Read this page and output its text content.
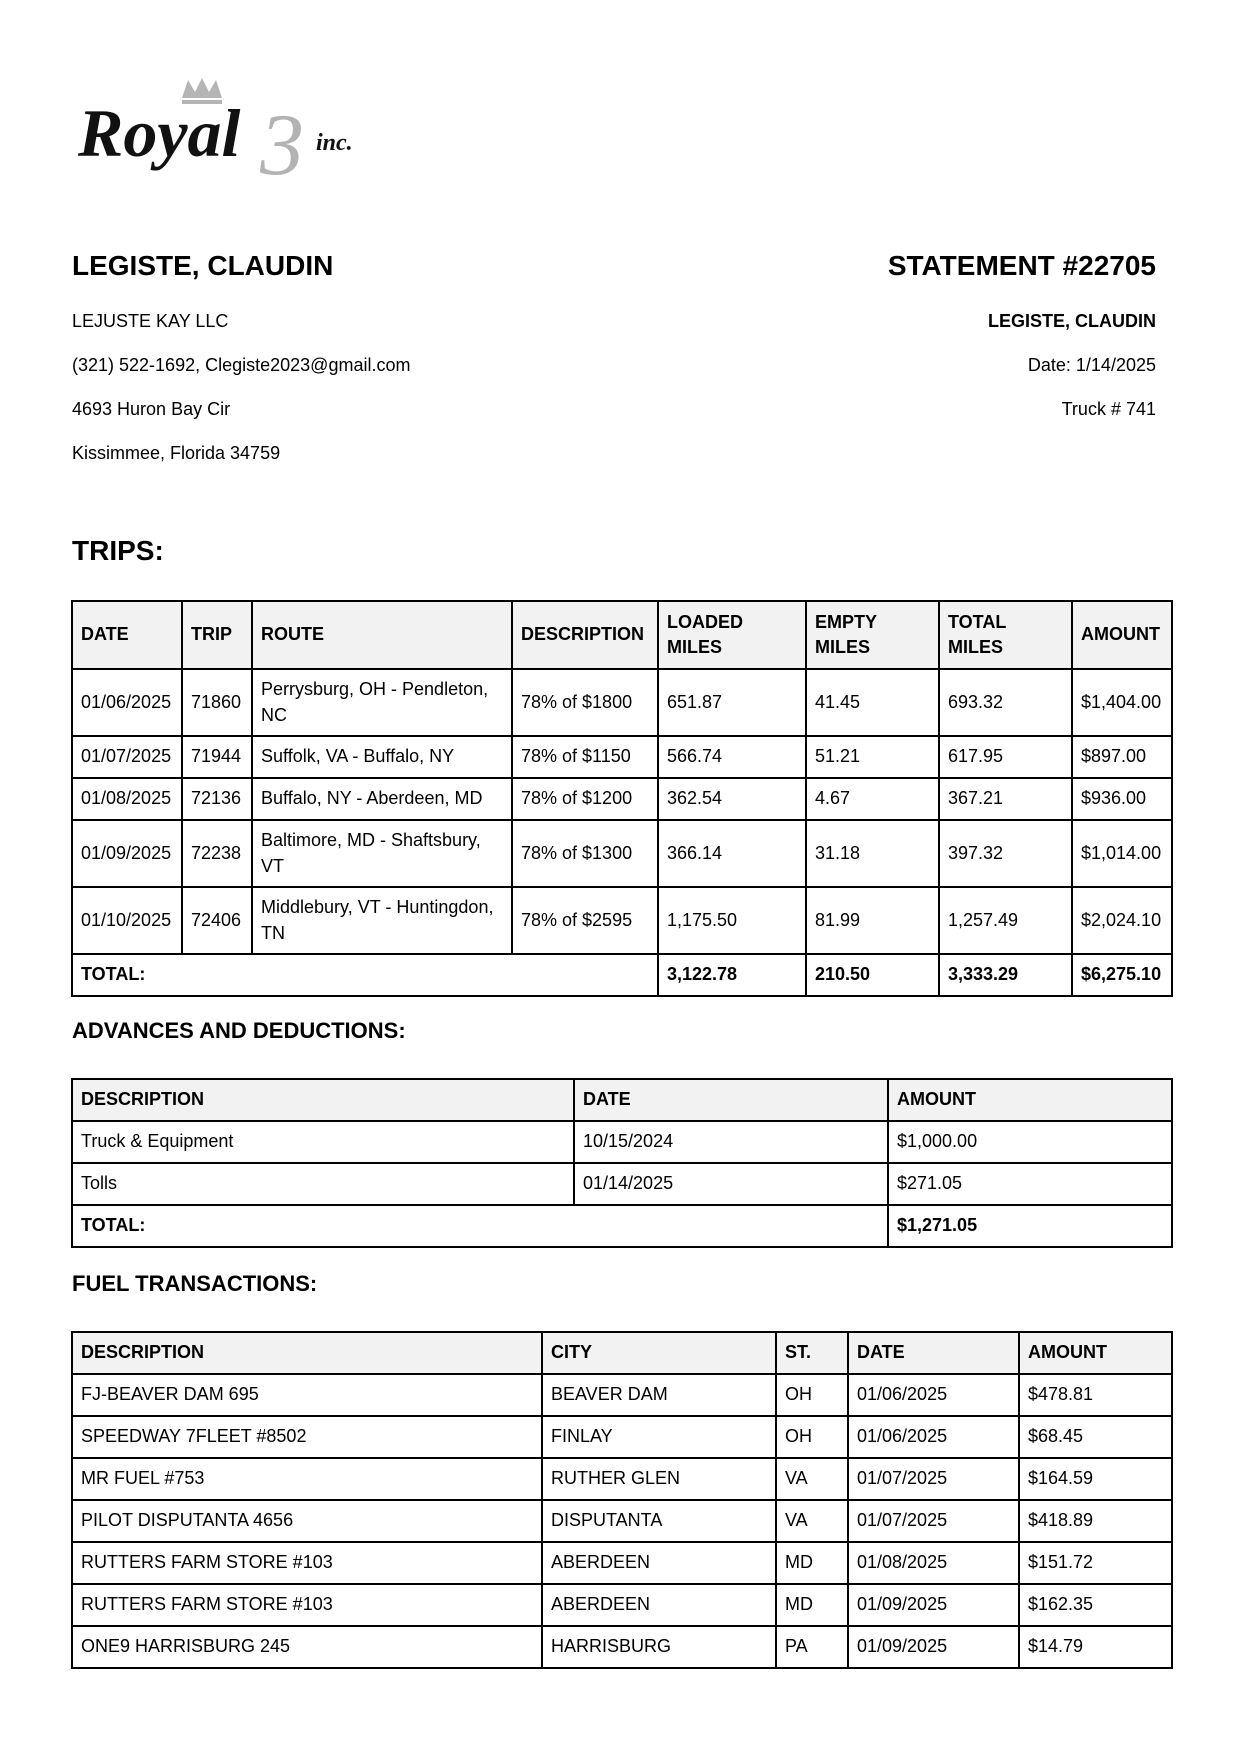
Royal 3 inc.
LEGISTE, CLAUDIN
LEJUSTE KAY LLC
(321) 522-1692, Clegiste2023@gmail.com
4693 Huron Bay Cir
Kissimmee, Florida 34759
STATEMENT #22705
LEGISTE, CLAUDIN
Date: 1/14/2025
Truck # 741
TRIPS:
DATE	TRIP	ROUTE	DESCRIPTION	LOADED MILES	EMPTY MILES	TOTAL MILES	AMOUNT
01/06/2025	71860	Perrysburg, OH - Pendleton, NC	78% of $1800	651.87	41.45	693.32	$1,404.00
01/07/2025	71944	Suffolk, VA - Buffalo, NY	78% of $1150	566.74	51.21	617.95	$897.00
01/08/2025	72136	Buffalo, NY - Aberdeen, MD	78% of $1200	362.54	4.67	367.21	$936.00
01/09/2025	72238	Baltimore, MD - Shaftsbury, VT	78% of $1300	366.14	31.18	397.32	$1,014.00
01/10/2025	72406	Middlebury, VT - Huntingdon, TN	78% of $2595	1,175.50	81.99	1,257.49	$2,024.10
TOTAL:				3,122.78	210.50	3,333.29	$6,275.10
ADVANCES AND DEDUCTIONS:
DESCRIPTION	DATE	AMOUNT
Truck & Equipment	10/15/2024	$1,000.00
Tolls	01/14/2025	$271.05
TOTAL:		$1,271.05
FUEL TRANSACTIONS:
DESCRIPTION	CITY	ST.	DATE	AMOUNT
FJ-BEAVER DAM 695	BEAVER DAM	OH	01/06/2025	$478.81
SPEEDWAY 7FLEET #8502	FINLAY	OH	01/06/2025	$68.45
MR FUEL #753	RUTHER GLEN	VA	01/07/2025	$164.59
PILOT DISPUTANTA 4656	DISPUTANTA	VA	01/07/2025	$418.89
RUTTERS FARM STORE #103	ABERDEEN	MD	01/08/2025	$151.72
RUTTERS FARM STORE #103	ABERDEEN	MD	01/09/2025	$162.35
ONE9 HARRISBURG 245	HARRISBURG	PA	01/09/2025	$14.79
